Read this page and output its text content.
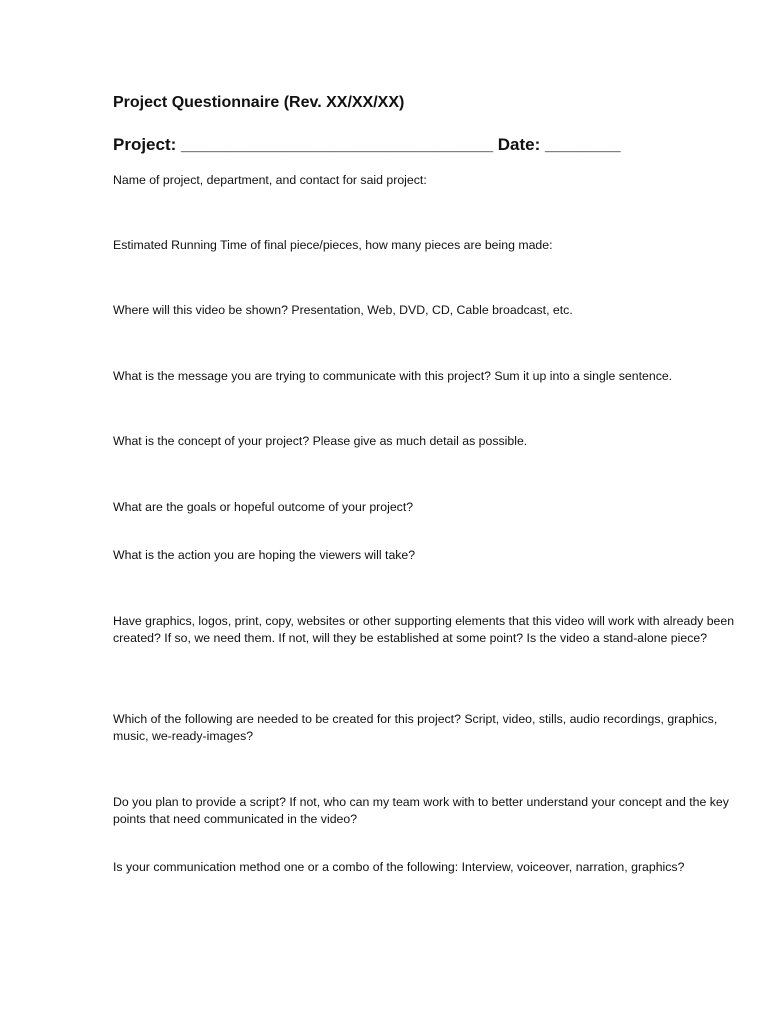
Project Questionnaire (Rev. XX/XX/XX)
Project: _________________________________ Date: ________
Name of project, department, and contact for said project:
Estimated Running Time of final piece/pieces, how many pieces are being made:
Where will this video be shown? Presentation, Web, DVD, CD, Cable broadcast, etc.
What is the message you are trying to communicate with this project? Sum it up into a single sentence.
What is the concept of your project? Please give as much detail as possible.
What are the goals or hopeful outcome of your project?
What is the action you are hoping the viewers will take?
Have graphics, logos, print, copy, websites or other supporting elements that this video will work with already been created? If so, we need them. If not, will they be established at some point? Is the video a stand-alone piece?
Which of the following are needed to be created for this project? Script, video, stills, audio recordings, graphics, music, we-ready-images?
Do you plan to provide a script? If not, who can my team work with to better understand your concept and the key points that need communicated in the video?
Is your communication method one or a combo of the following: Interview, voiceover, narration, graphics?
